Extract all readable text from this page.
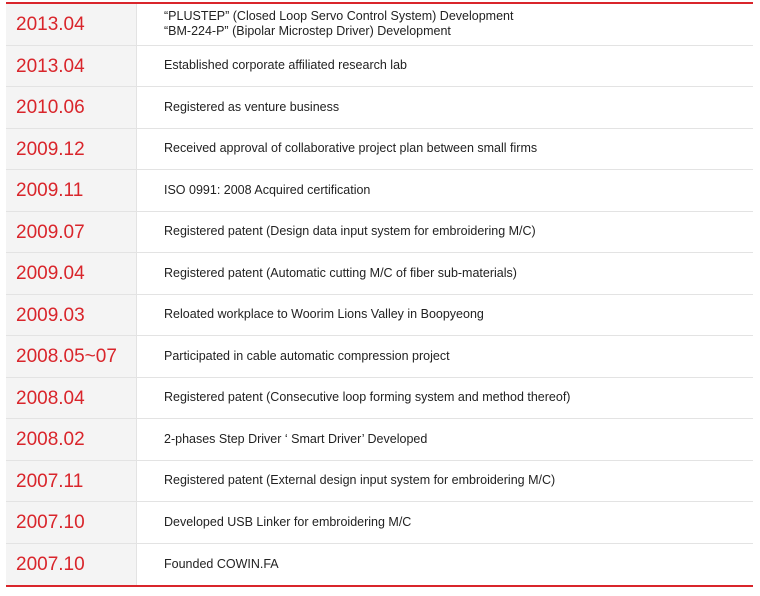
2013.04	“PLUSTEP” (Closed Loop Servo Control System) Development
“BM-224-P” (Bipolar Microstep Driver) Development
2013.04	Established corporate affiliated research lab
2010.06	Registered as venture business
2009.12	Received approval of collaborative project plan between small firms
2009.11	ISO 0991: 2008 Acquired certification
2009.07	Registered patent (Design data input system for embroidering M/C)
2009.04	Registered patent (Automatic cutting M/C of fiber sub-materials)
2009.03	Reloated workplace to Woorim Lions Valley in Boopyeong
2008.05~07	Participated in cable automatic compression project
2008.04	Registered patent (Consecutive loop forming system and method thereof)
2008.02	2-phases Step Driver ‘ Smart Driver’ Developed
2007.11	Registered patent (External design input system for embroidering M/C)
2007.10	Developed USB Linker for embroidering M/C
2007.10	Founded COWIN.FA
